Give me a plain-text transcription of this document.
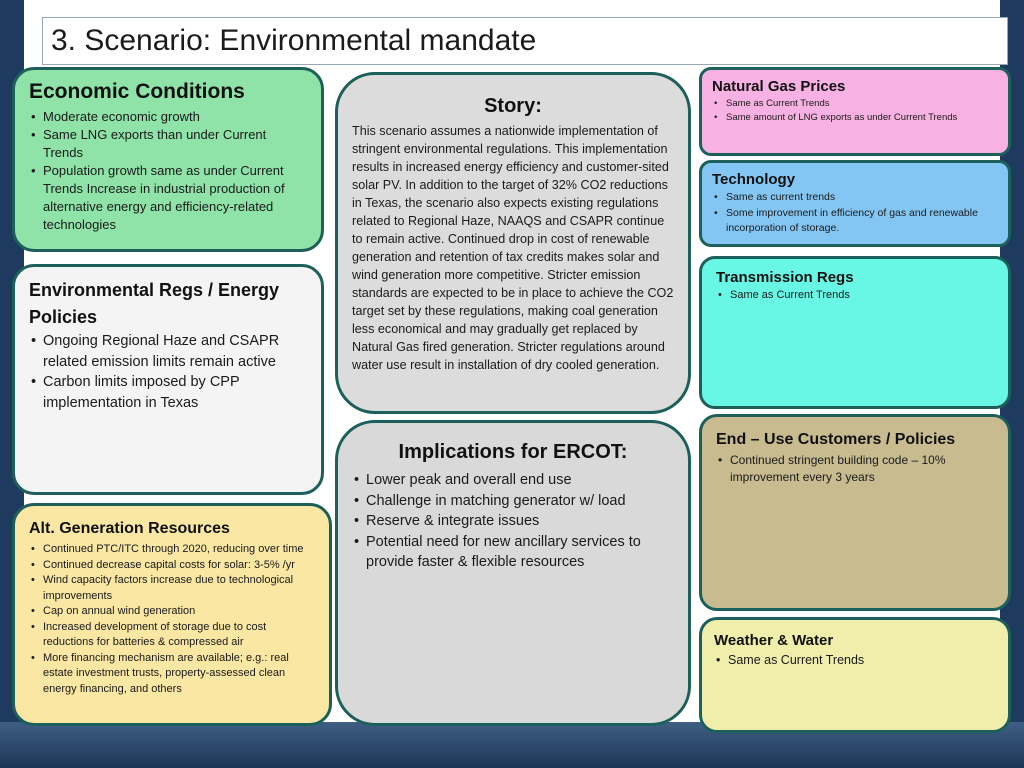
3. Scenario: Environmental mandate
Economic Conditions
• Moderate economic growth
• Same LNG exports than under Current Trends
• Population growth same as under Current Trends Increase in industrial production of alternative energy and efficiency-related technologies
Environmental Regs / Energy Policies
• Ongoing Regional Haze and CSAPR related emission limits remain active
• Carbon limits imposed by CPP implementation in Texas
Alt. Generation Resources
• Continued PTC/ITC through 2020, reducing over time
• Continued decrease capital costs for solar: 3-5% /yr
• Wind capacity factors increase due to technological improvements
• Cap on annual wind generation
• Increased development of storage due to cost reductions for batteries & compressed air
• More financing mechanism are available; e.g.: real estate investment trusts, property-assessed clean energy financing, and others
Story:

This scenario assumes a nationwide implementation of stringent environmental regulations. This implementation results in increased energy efficiency and customer-sited solar PV. In addition to the target of 32% CO2 reductions in Texas, the scenario also expects existing regulations related to Regional Haze, NAAQS and CSAPR continue to remain active. Continued drop in cost of renewable generation and retention of tax credits makes solar and wind generation more competitive. Stricter emission standards are expected to be in place to achieve the CO2 target set by these regulations, making coal generation less economical and may gradually get replaced by Natural Gas fired generation. Stricter regulations around water use result in installation of dry cooled generation.

Implications for ERCOT:
• Lower peak and overall end use
• Challenge in matching generator w/ load
• Reserve & integrate issues
• Potential need for new ancillary services to provide faster & flexible resources
Natural Gas Prices
• Same as Current Trends
• Same amount of LNG exports as under Current Trends
Technology
• Same as current trends
• Some improvement in efficiency of gas and renewable incorporation of storage.
Transmission Regs
• Same as Current Trends
End – Use Customers / Policies
• Continued stringent building code – 10% improvement every 3 years
Weather & Water
• Same as Current Trends
